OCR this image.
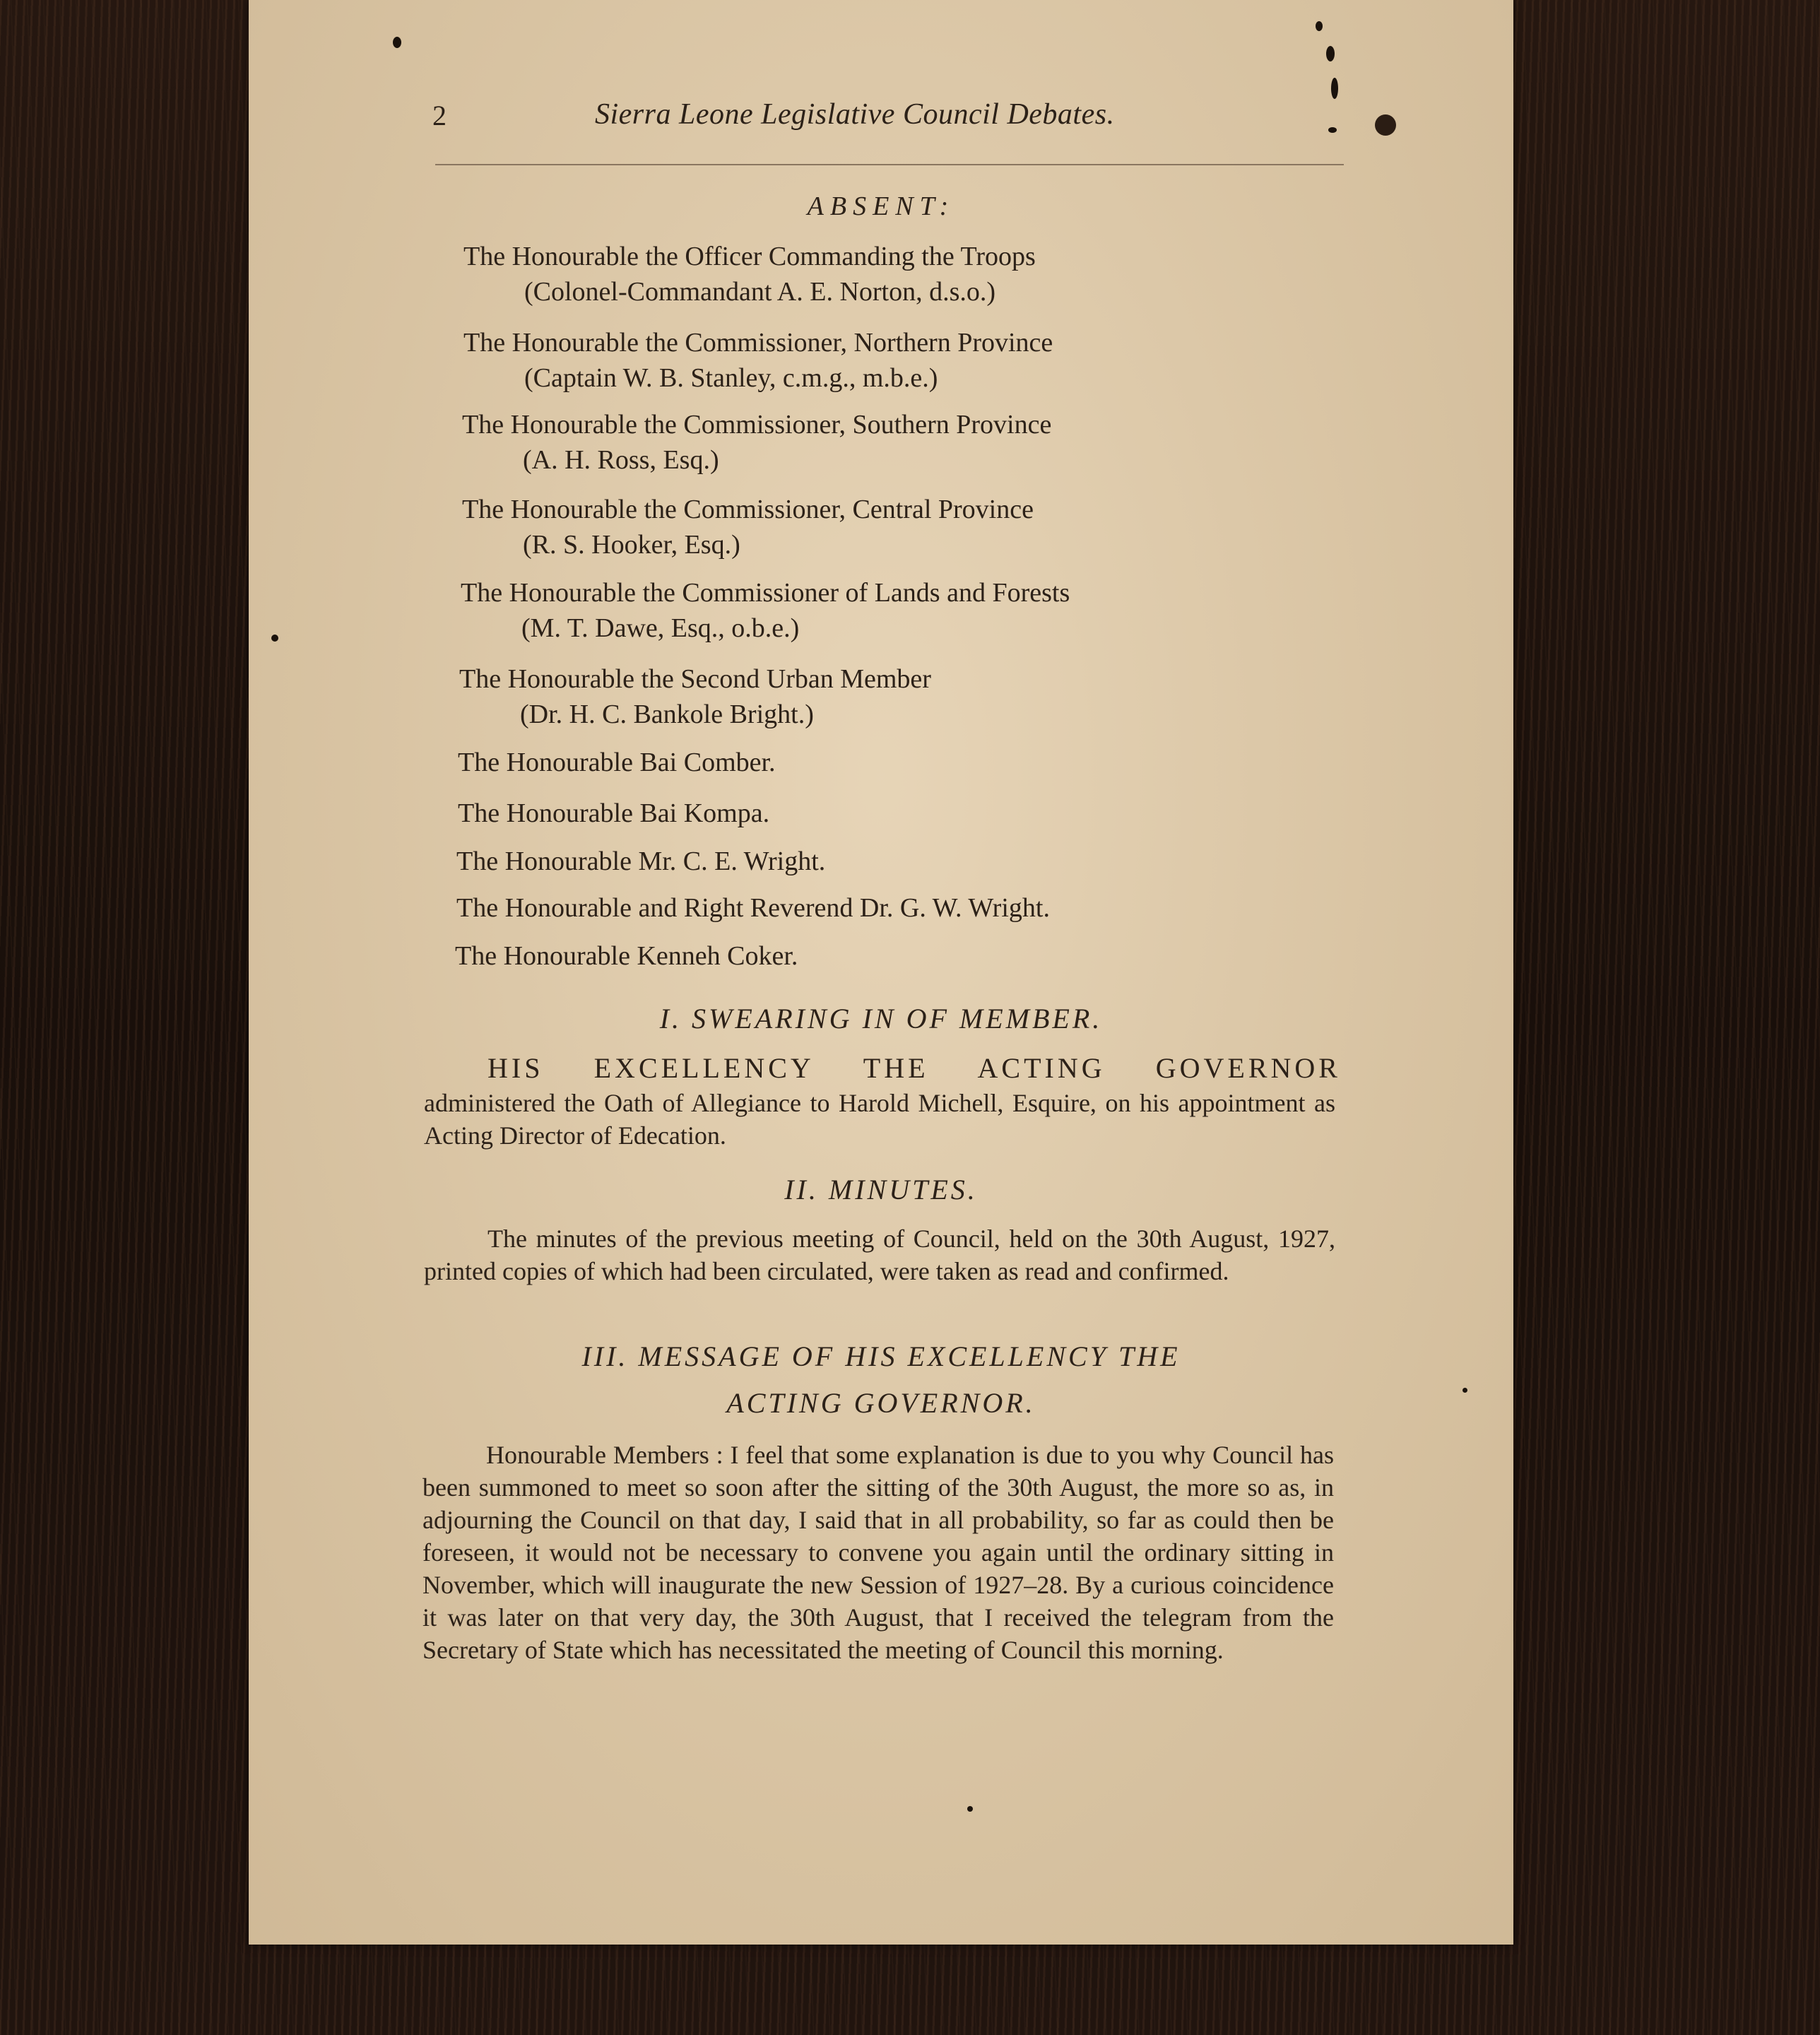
2	Sierra Leone Legislative Council Debates.
ABSENT:
The Honourable the Officer Commanding the Troops
(Colonel-Commandant A. E. Norton, d.s.o.)
The Honourable the Commissioner, Northern Province
(Captain W. B. Stanley, c.m.g., m.b.e.)
The Honourable the Commissioner, Southern Province
(A. H. Ross, Esq.)
The Honourable the Commissioner, Central Province
(R. S. Hooker, Esq.)
The Honourable the Commissioner of Lands and Forests
(M. T. Dawe, Esq., o.b.e.)
The Honourable the Second Urban Member
(Dr. H. C. Bankole Bright.)
The Honourable Bai Comber.
The Honourable Bai Kompa.
The Honourable Mr. C. E. Wright.
The Honourable and Right Reverend Dr. G. W. Wright.
The Honourable Kenneh Coker.
I. SWEARING IN OF MEMBER.
HIS EXCELLENCY THE ACTING GOVERNOR
administered the Oath of Allegiance to Harold Michell, Esquire, on his appointment as Acting Director of Edecation.
II. MINUTES.
The minutes of the previous meeting of Council, held on the 30th August, 1927, printed copies of which had been circulated, were taken as read and confirmed.
III. MESSAGE OF HIS EXCELLENCY THE
ACTING GOVERNOR.
Honourable Members : I feel that some explanation is due to you why Council has been summoned to meet so soon after the sitting of the 30th August, the more so as, in adjourning the Council on that day, I said that in all probability, so far as could then be foreseen, it would not be necessary to convene you again until the ordinary sitting in November, which will inaugurate the new Session of 1927–28. By a curious coincidence it was later on that very day, the 30th August, that I received the telegram from the Secretary of State which has necessitated the meeting of Council this morning.
